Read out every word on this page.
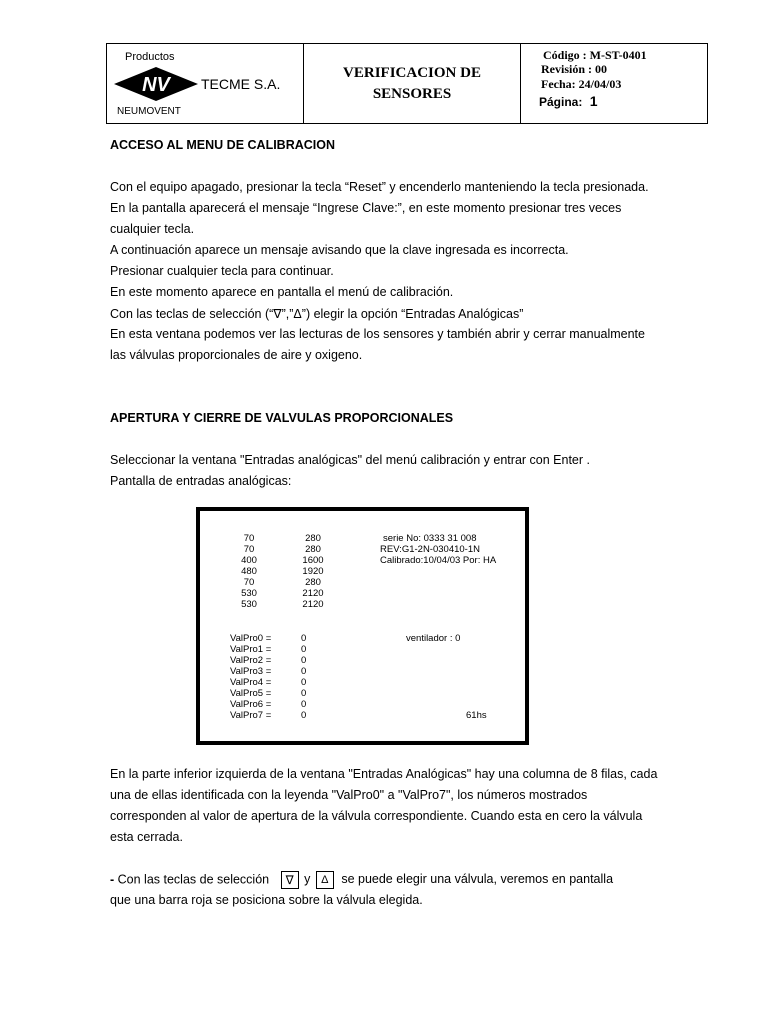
Productos
NV TECME S.A.
NEUMOVENT
VERIFICACION DE
SENSORES
Código : M-ST-0401
Revisión : 00
Fecha: 24/04/03
Página: 1
ACCESO AL MENU DE CALIBRACION
Con el equipo apagado, presionar la tecla “Reset” y encenderlo manteniendo la tecla presionada.
En la pantalla aparecerá el mensaje “Ingrese Clave:”, en este momento presionar tres veces
cualquier tecla.
A continuación aparece un mensaje avisando que la clave ingresada es incorrecta.
Presionar cualquier tecla para continuar.
En este momento aparece en pantalla el menú de calibración.
Con las teclas de selección (“∇”,”Δ”) elegir la opción “Entradas Analógicas”
En esta ventana podemos ver las lecturas de los sensores y también abrir y cerrar manualmente
las válvulas proporcionales de aire y oxigeno.
APERTURA Y CIERRE DE VALVULAS PROPORCIONALES
Seleccionar la ventana "Entradas analógicas" del menú calibración y entrar con Enter .
Pantalla de entradas analógicas:
70
70
400
480
70
530
530
280
280
1600
1920
280
2120
2120
serie No: 0333 31 008
REV:G1-2N-030410-1N
Calibrado:10/04/03 Por: HA
ValPro0 =
ValPro1 =
ValPro2 =
ValPro3 =
ValPro4 =
ValPro5 =
ValPro6 =
ValPro7 =
0
0
0
0
0
0
0
0
ventilador : 0
61hs
En la parte inferior izquierda de la ventana "Entradas Analógicas" hay una columna de 8 filas, cada
una de ellas identificada con la leyenda "ValPro0" a "ValPro7", los números mostrados
corresponden al valor de apertura de la válvula correspondiente. Cuando esta en cero la válvula
esta cerrada.
- Con las teclas de selección ∇ y Δ se puede elegir una válvula, veremos en pantalla
que una barra roja se posiciona sobre la válvula elegida.
